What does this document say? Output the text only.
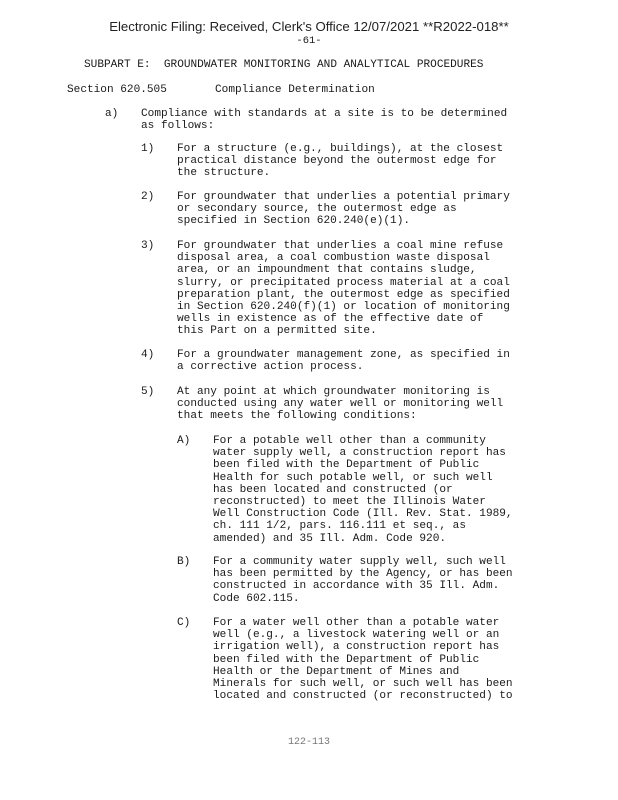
Electronic Filing: Received, Clerk's Office 12/07/2021 **R2022-018**
-61-
SUBPART E:  GROUNDWATER MONITORING AND ANALYTICAL PROCEDURES
Section 620.505	Compliance Determination
a) Compliance with standards at a site is to be determined
as follows:
1) For a structure (e.g., buildings), at the closest
practical distance beyond the outermost edge for
the structure.
2) For groundwater that underlies a potential primary
or secondary source, the outermost edge as
specified in Section 620.240(e)(1).
3) For groundwater that underlies a coal mine refuse
disposal area, a coal combustion waste disposal
area, or an impoundment that contains sludge,
slurry, or precipitated process material at a coal
preparation plant, the outermost edge as specified
in Section 620.240(f)(1) or location of monitoring
wells in existence as of the effective date of
this Part on a permitted site.
4) For a groundwater management zone, as specified in
a corrective action process.
5) At any point at which groundwater monitoring is
conducted using any water well or monitoring well
that meets the following conditions:
A) For a potable well other than a community
water supply well, a construction report has
been filed with the Department of Public
Health for such potable well, or such well
has been located and constructed (or
reconstructed) to meet the Illinois Water
Well Construction Code (Ill. Rev. Stat. 1989,
ch. 111 1/2, pars. 116.111 et seq., as
amended) and 35 Ill. Adm. Code 920.
B) For a community water supply well, such well
has been permitted by the Agency, or has been
constructed in accordance with 35 Ill. Adm.
Code 602.115.
C) For a water well other than a potable water
well (e.g., a livestock watering well or an
irrigation well), a construction report has
been filed with the Department of Public
Health or the Department of Mines and
Minerals for such well, or such well has been
located and constructed (or reconstructed) to
122-113
